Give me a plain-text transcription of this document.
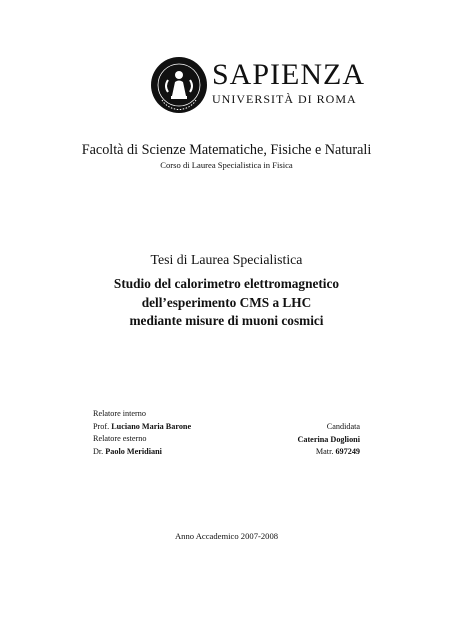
SAPIENZA
UNIVERSITÀ DI ROMA
Facoltà di Scienze Matematiche, Fisiche e Naturali
Corso di Laurea Specialistica in Fisica
Tesi di Laurea Specialistica
Studio del calorimetro elettromagnetico
dell’esperimento CMS a LHC
mediante misure di muoni cosmici
Relatore interno
Prof. Luciano Maria Barone
Relatore esterno
Dr. Paolo Meridiani
Candidata
Caterina Doglioni
Matr. 697249
Anno Accademico 2007-2008
